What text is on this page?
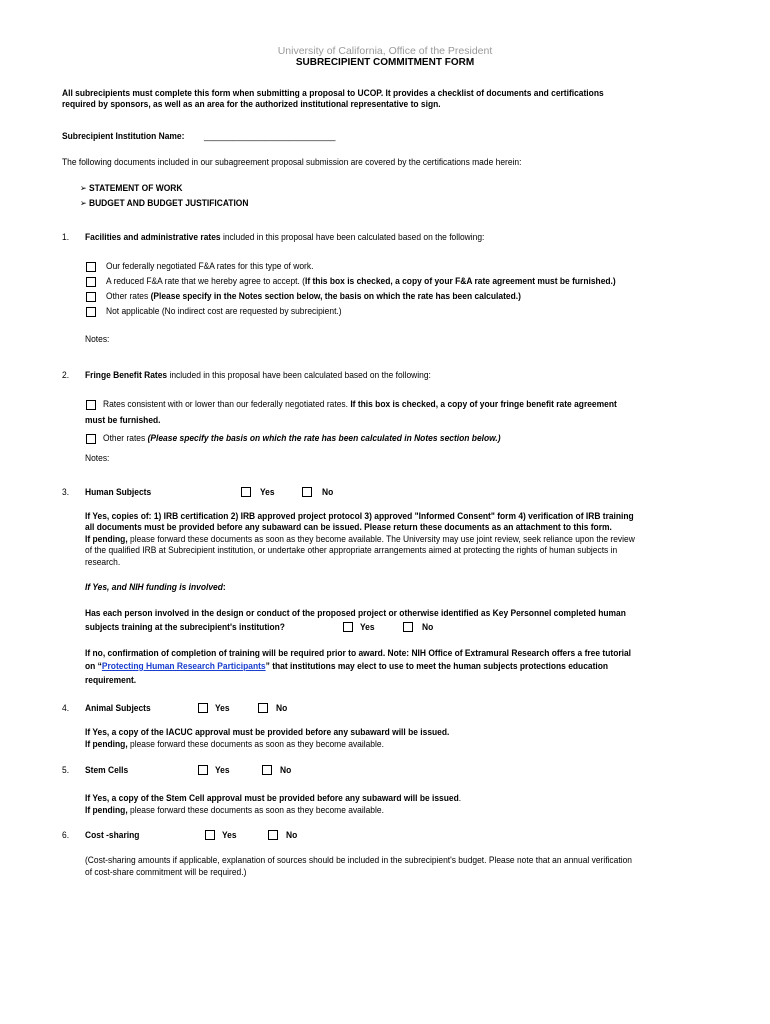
University of California, Office of the President
SUBRECIPIENT COMMITMENT FORM
All subrecipients must complete this form when submitting a proposal to UCOP. It provides a checklist of documents and certifications
required by sponsors, as well as an area for the authorized institutional representative to sign.
Subrecipient Institution Name: ____________________________
The following documents included in our subagreement proposal submission are covered by the certifications made herein:
➢ STATEMENT OF WORK
➢ BUDGET AND BUDGET JUSTIFICATION
1. Facilities and administrative rates included in this proposal have been calculated based on the following:
Our federally negotiated F&A rates for this type of work.
A reduced F&A rate that we hereby agree to accept. (If this box is checked, a copy of your F&A rate agreement must be furnished.)
Other rates (Please specify in the Notes section below, the basis on which the rate has been calculated.)
Not applicable (No indirect cost are requested by subrecipient.)
Notes:
2. Fringe Benefit Rates included in this proposal have been calculated based on the following:
Rates consistent with or lower than our federally negotiated rates. If this box is checked, a copy of your fringe benefit rate agreement
must be furnished.
Other rates (Please specify the basis on which the rate has been calculated in Notes section below.)
Notes:
3. Human Subjects	Yes	No
If Yes, copies of: 1) IRB certification 2) IRB approved project protocol 3) approved "Informed Consent" form 4) verification of IRB training
all documents must be provided before any subaward can be issued. Please return these documents as an attachment to this form.
If pending, please forward these documents as soon as they become available. The University may use joint review, seek reliance upon the review
of the qualified IRB at Subrecipient institution, or undertake other appropriate arrangements aimed at protecting the rights of human subjects in
research.
If Yes, and NIH funding is involved:
Has each person involved in the design or conduct of the proposed project or otherwise identified as Key Personnel completed human
subjects training at the subrecipient's institution?	Yes	No
If no, confirmation of completion of training will be required prior to award. Note: NIH Office of Extramural Research offers a free tutorial
on “Protecting Human Research Participants” that institutions may elect to use to meet the human subjects protections education
requirement.
4. Animal Subjects	Yes	No
If Yes, a copy of the IACUC approval must be provided before any subaward will be issued.
If pending, please forward these documents as soon as they become available.
5. Stem Cells	Yes	No
If Yes, a copy of the Stem Cell approval must be provided before any subaward will be issued.
If pending, please forward these documents as soon as they become available.
6. Cost -sharing	Yes	No
(Cost-sharing amounts if applicable, explanation of sources should be included in the subrecipient's budget. Please note that an annual verification
of cost-share commitment will be required.)
